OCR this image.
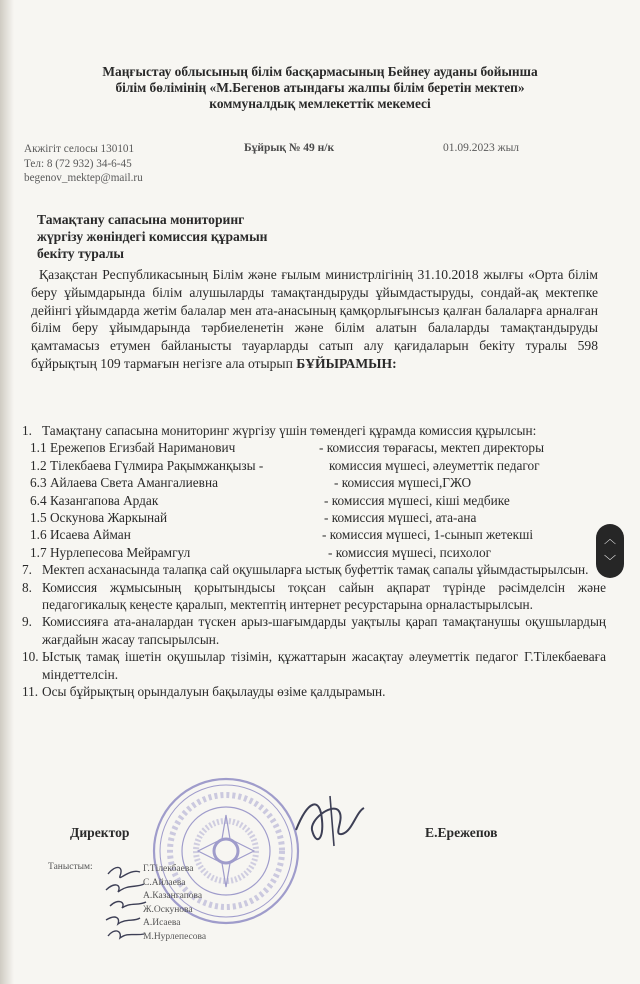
Маңғыстау облысының білім басқармасының Бейнеу ауданы бойынша
білім бөлімінің «М.Бегенов атындағы жалпы білім беретін мектеп»
коммуналдық мемлекеттік мекемесі
Акжігіт селосы 130101
Тел: 8 (72 932) 34-6-45
begenov_mektep@mail.ru
Бұйрық № 49 н/к	01.09.2023 жыл
Тамақтану сапасына мониторинг
жүргізу жөніндегі комиссия құрамын
бекіту туралы
Қазақстан Республикасының Білім және ғылым министрлігінің 31.10.2018 жылғы «Орта білім беру ұйымдарында білім алушыларды тамақтандыруды ұйымдастыруды, сондай-ақ мектепке дейінгі ұйымдарда жетім балалар мен ата-анасының қамқорлығынсыз қалған балаларға арналған білім беру ұйымдарында тәрбиеленетін және білім алатын балаларды тамақтандыруды қамтамасыз етумен байланысты тауарларды сатып алу қағидаларын бекіту туралы 598 бұйрықтың 109 тармағын негізге ала отырып БҰЙЫРАМЫН:
1. Тамақтану сапасына мониторинг жүргізу үшін төмендегі құрамда комиссия құрылсын:
1.1 Ережепов Егизбай Нариманович	- комиссия төрағасы, мектеп директоры
1.2 Тілекбаева Гүлмира Рақымжанқызы -	комиссия мүшесі, әлеуметтік педагог
6.3 Айлаева Света Амангалиевна	- комиссия мүшесі,ГЖО
6.4 Казангапова Ардак	- комиссия мүшесі, кіші медбике
1.5 Оскунова Жаркынай	- комиссия мүшесі, ата-ана
1.6 Исаева Айман	- комиссия мүшесі, 1-сынып жетекші
1.7 Нурлепесова Мейрамгул	- комиссия мүшесі, психолог
7. Мектеп асханасында талапқа сай оқушыларға ыстық буфеттік тамақ сапалы ұйымдастырылсын.
8. Комиссия жұмысының қорытындысы тоқсан сайын ақпарат түрінде рәсімделсін және педагогикалық кеңесте қаралып, мектептің интернет ресурстарына орналастырылсын.
9. Комиссияға ата-аналардан түскен арыз-шағымдарды уақтылы қарап тамақтанушы оқушылардың жағдайын жасау тапсырылсын.
10. Ыстық тамақ ішетін оқушылар тізімін, құжаттарын жасақтау әлеуметтік педагог Г.Тілекбаеваға міндеттелсін.
11. Осы бұйрықтың орындалуын бақылауды өзіме қалдырамын.
Директор	Е.Ережепов
Таныстым:	Г.Тілекбаева
С.Айлаева
А.Казангапова
Ж.Оскунова
А.Исаева
М.Нурлепесова
︿
﹀
